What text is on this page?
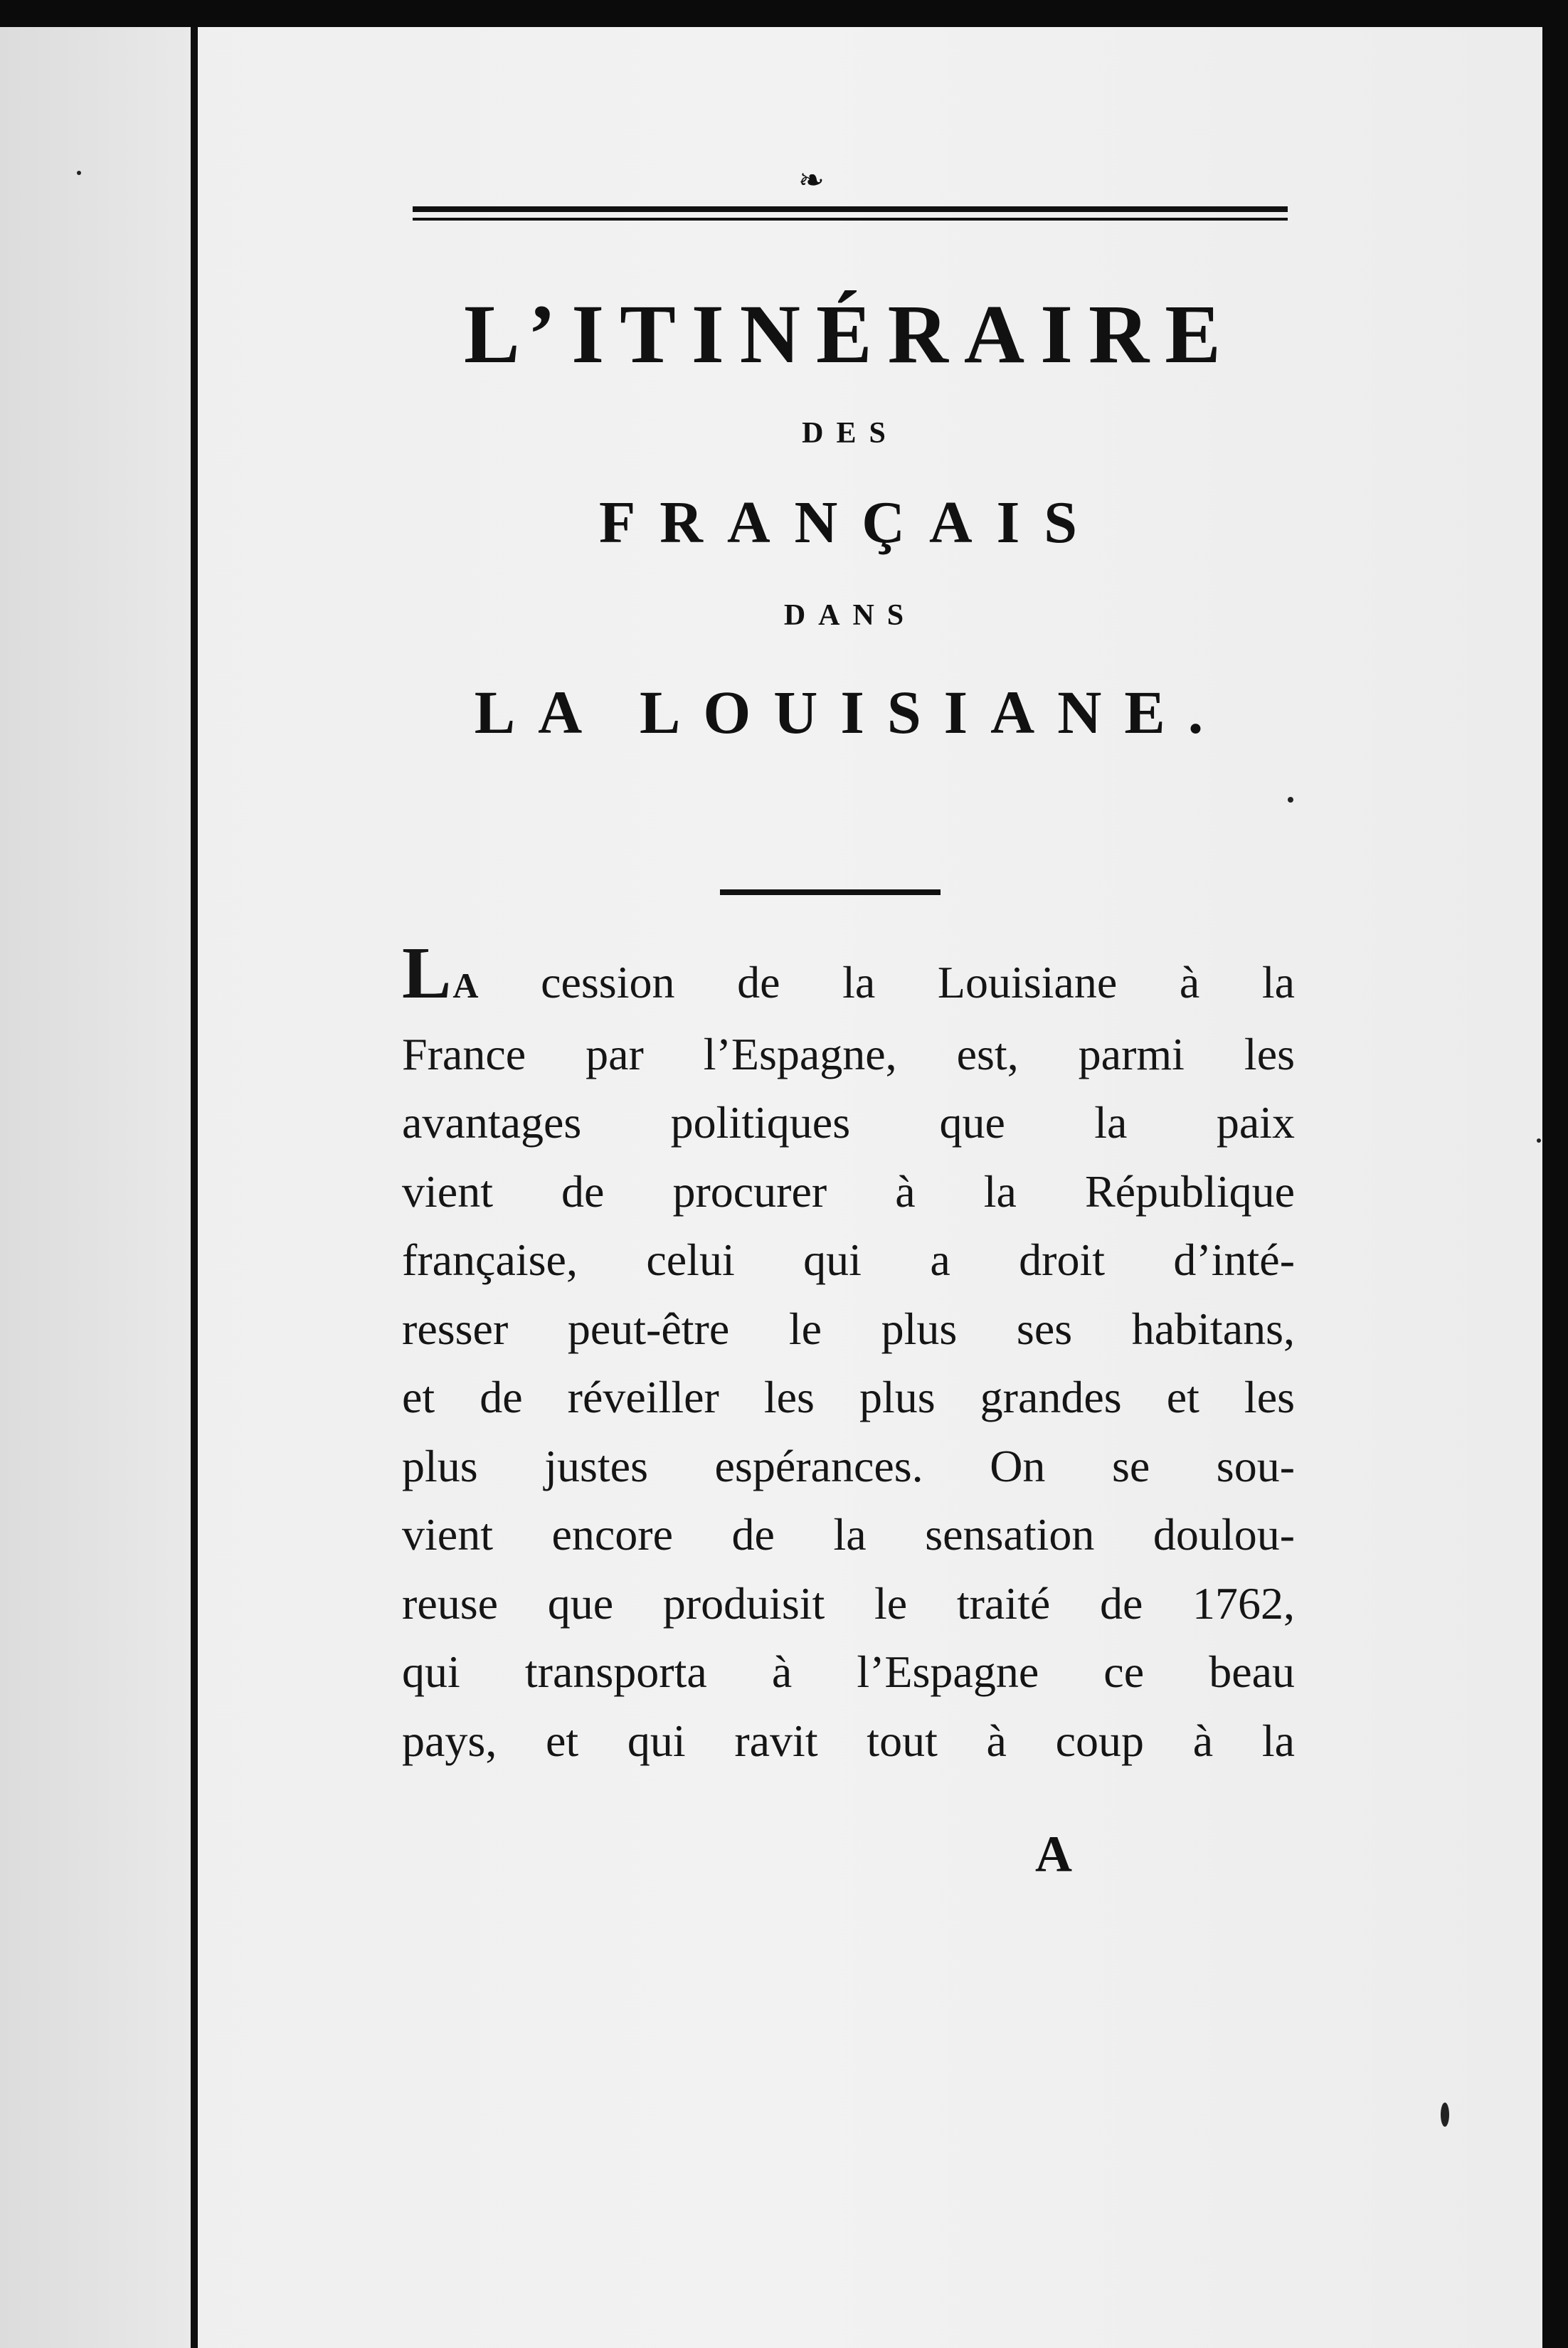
❧
L’ITINÉRAIRE
DES
FRANÇAIS
DANS
LA LOUISIANE.
LA cession de la Louisiane à la
France par l’Espagne, est, parmi les
avantages politiques que la paix
vient de procurer à la République
française, celui qui a droit d’inté-
resser peut-être le plus ses habitans,
et de réveiller les plus grandes et les
plus justes espérances. On se sou-
vient encore de la sensation doulou-
reuse que produisit le traité de 1762,
qui transporta à l’Espagne ce beau
pays, et qui ravit tout à coup à la
A
